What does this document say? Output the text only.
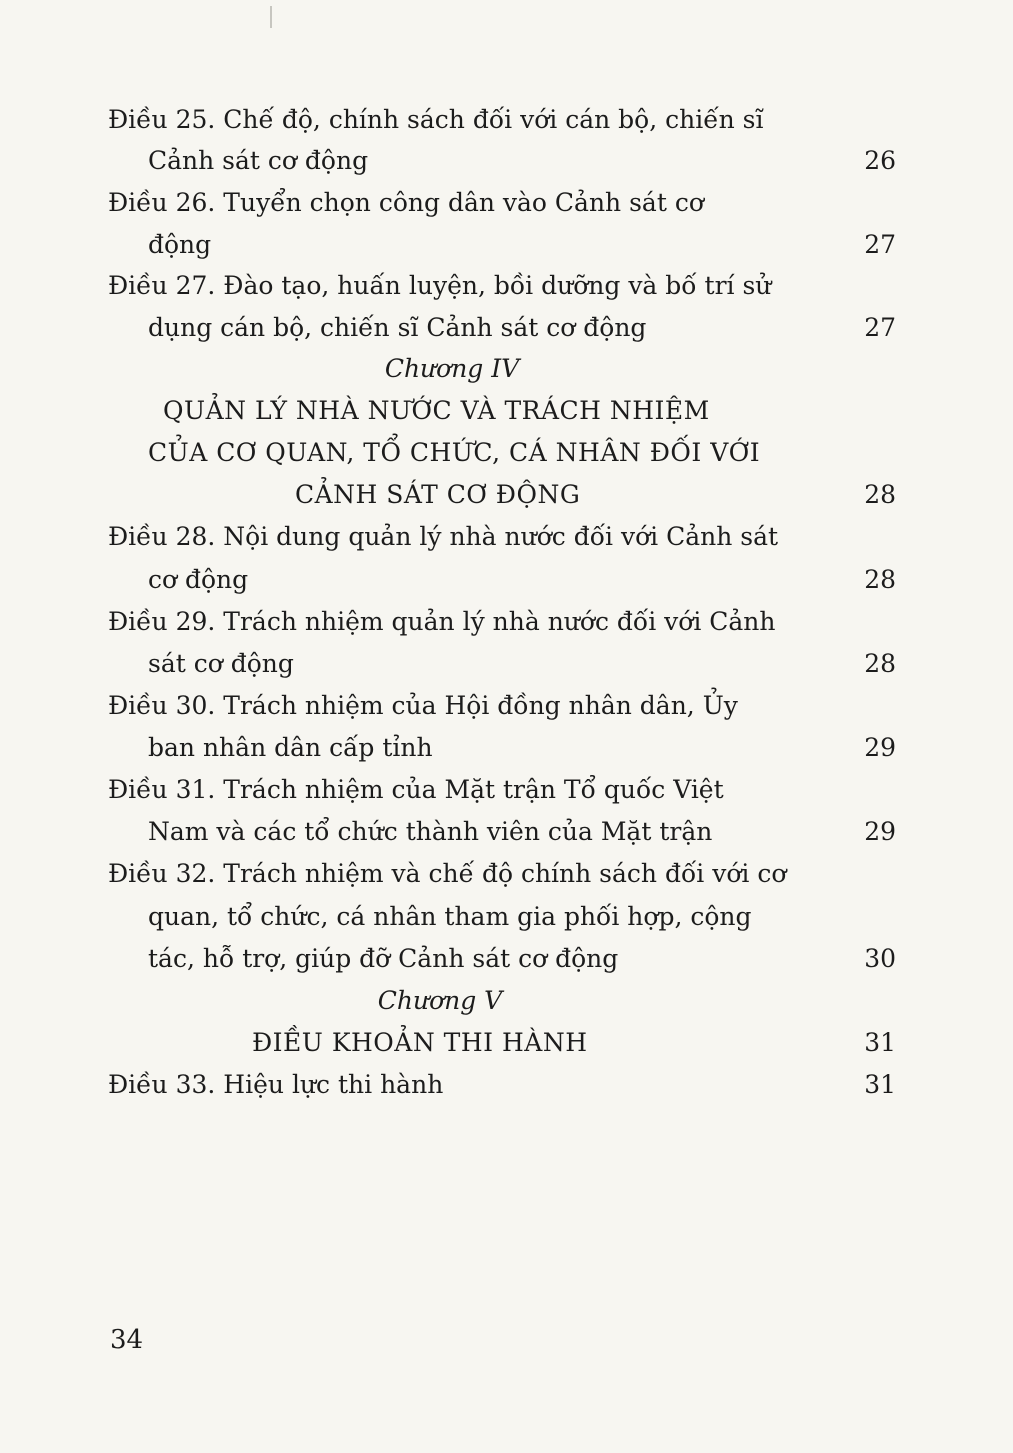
Điều 25. Chế độ, chính sách đối với cán bộ, chiến sĩ
Cảnh sát cơ động	26
Điều 26. Tuyển chọn công dân vào Cảnh sát cơ
động	27
Điều 27. Đào tạo, huấn luyện, bồi dưỡng và bố trí sử
dụng cán bộ, chiến sĩ Cảnh sát cơ động	27
Chương IV
QUẢN LÝ NHÀ NƯỚC VÀ TRÁCH NHIỆM
CỦA CƠ QUAN, TỔ CHỨC, CÁ NHÂN ĐỐI VỚI
CẢNH SÁT CƠ ĐỘNG	28
Điều 28. Nội dung quản lý nhà nước đối với Cảnh sát
cơ động	28
Điều 29. Trách nhiệm quản lý nhà nước đối với Cảnh
sát cơ động	28
Điều 30. Trách nhiệm của Hội đồng nhân dân, Ủy
ban nhân dân cấp tỉnh	29
Điều 31. Trách nhiệm của Mặt trận Tổ quốc Việt
Nam và các tổ chức thành viên của Mặt trận	29
Điều 32. Trách nhiệm và chế độ chính sách đối với cơ
quan, tổ chức, cá nhân tham gia phối hợp, cộng
tác, hỗ trợ, giúp đỡ Cảnh sát cơ động	30
Chương V
ĐIỀU KHOẢN THI HÀNH	31
Điều 33. Hiệu lực thi hành	31
34
